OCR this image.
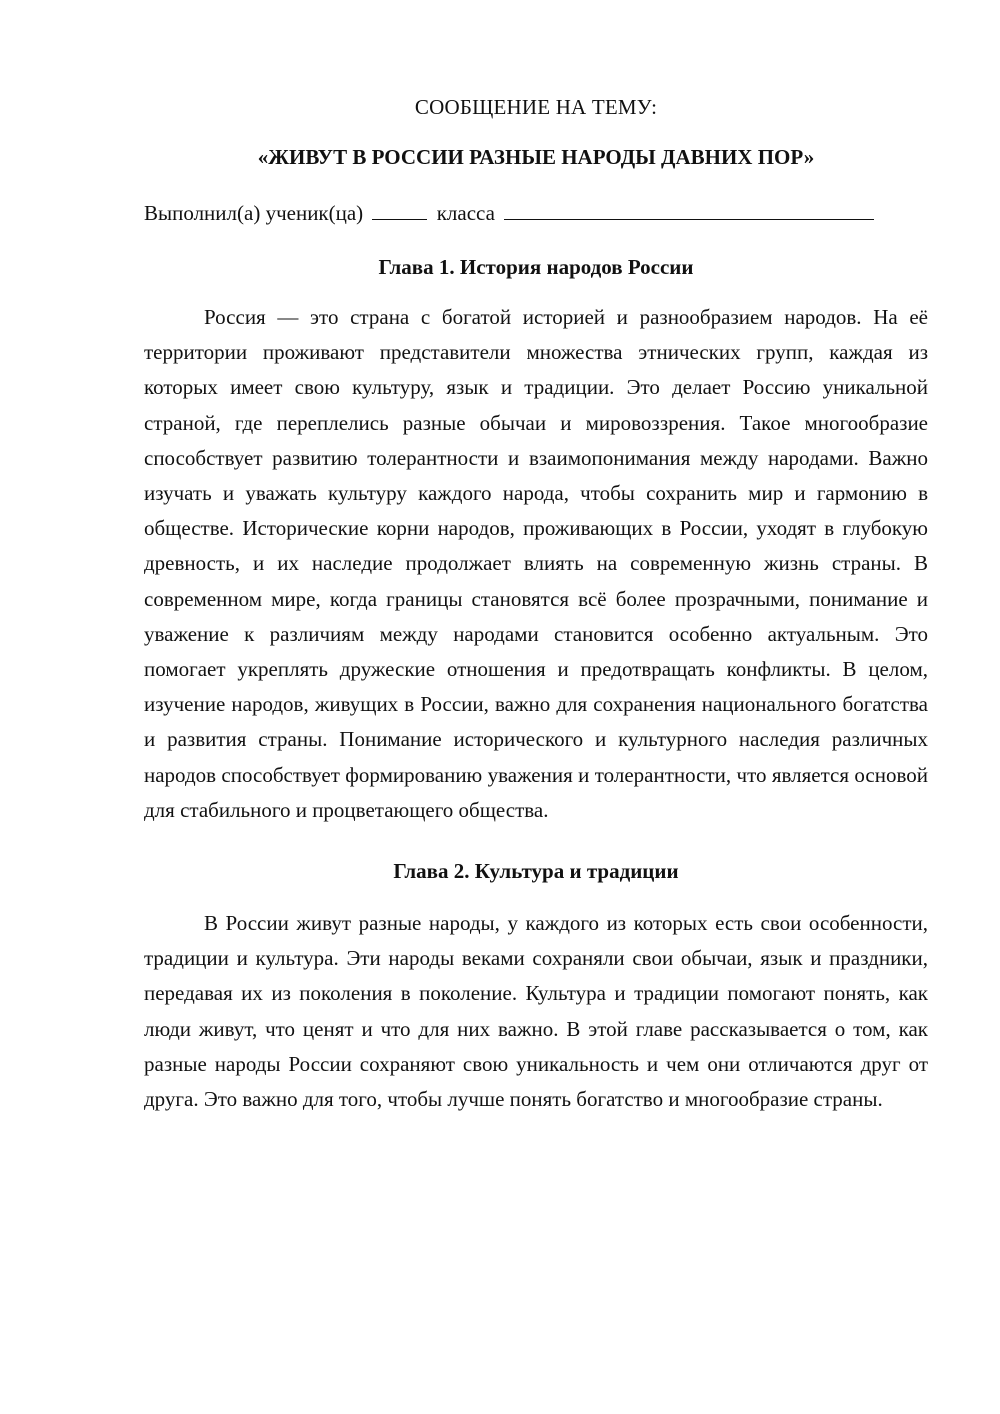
СООБЩЕНИЕ НА ТЕМУ:

«ЖИВУТ В РОССИИ РАЗНЫЕ НАРОДЫ ДАВНИХ ПОР»

Выполнил(а) ученик(ца)	класса

Глава 1. История народов России

Россия — это страна с богатой историей и разнообразием народов. На её территории проживают представители множества этнических групп, каждая из которых имеет свою культуру, язык и традиции. Это делает Россию уникальной страной, где переплелись разные обычаи и мировоззрения. Такое многообразие способствует развитию толерантности и взаимопонимания между народами. Важно изучать и уважать культуру каждого народа, чтобы сохранить мир и гармонию в обществе. Исторические корни народов, проживающих в России, уходят в глубокую древность, и их наследие продолжает влиять на современную жизнь страны. В современном мире, когда границы становятся всё более прозрачными, понимание и уважение к различиям между народами становится особенно актуальным. Это помогает укреплять дружеские отношения и предотвращать конфликты. В целом, изучение народов, живущих в России, важно для сохранения национального богатства и развития страны. Понимание исторического и культурного наследия различных народов способствует формированию уважения и толерантности, что является основой для стабильного и процветающего общества.

Глава 2. Культура и традиции

В России живут разные народы, у каждого из которых есть свои особенности, традиции и культура. Эти народы веками сохраняли свои обычаи, язык и праздники, передавая их из поколения в поколение. Культура и традиции помогают понять, как люди живут, что ценят и что для них важно. В этой главе рассказывается о том, как разные народы России сохраняют свою уникальность и чем они отличаются друг от друга. Это важно для того, чтобы лучше понять богатство и многообразие страны.
